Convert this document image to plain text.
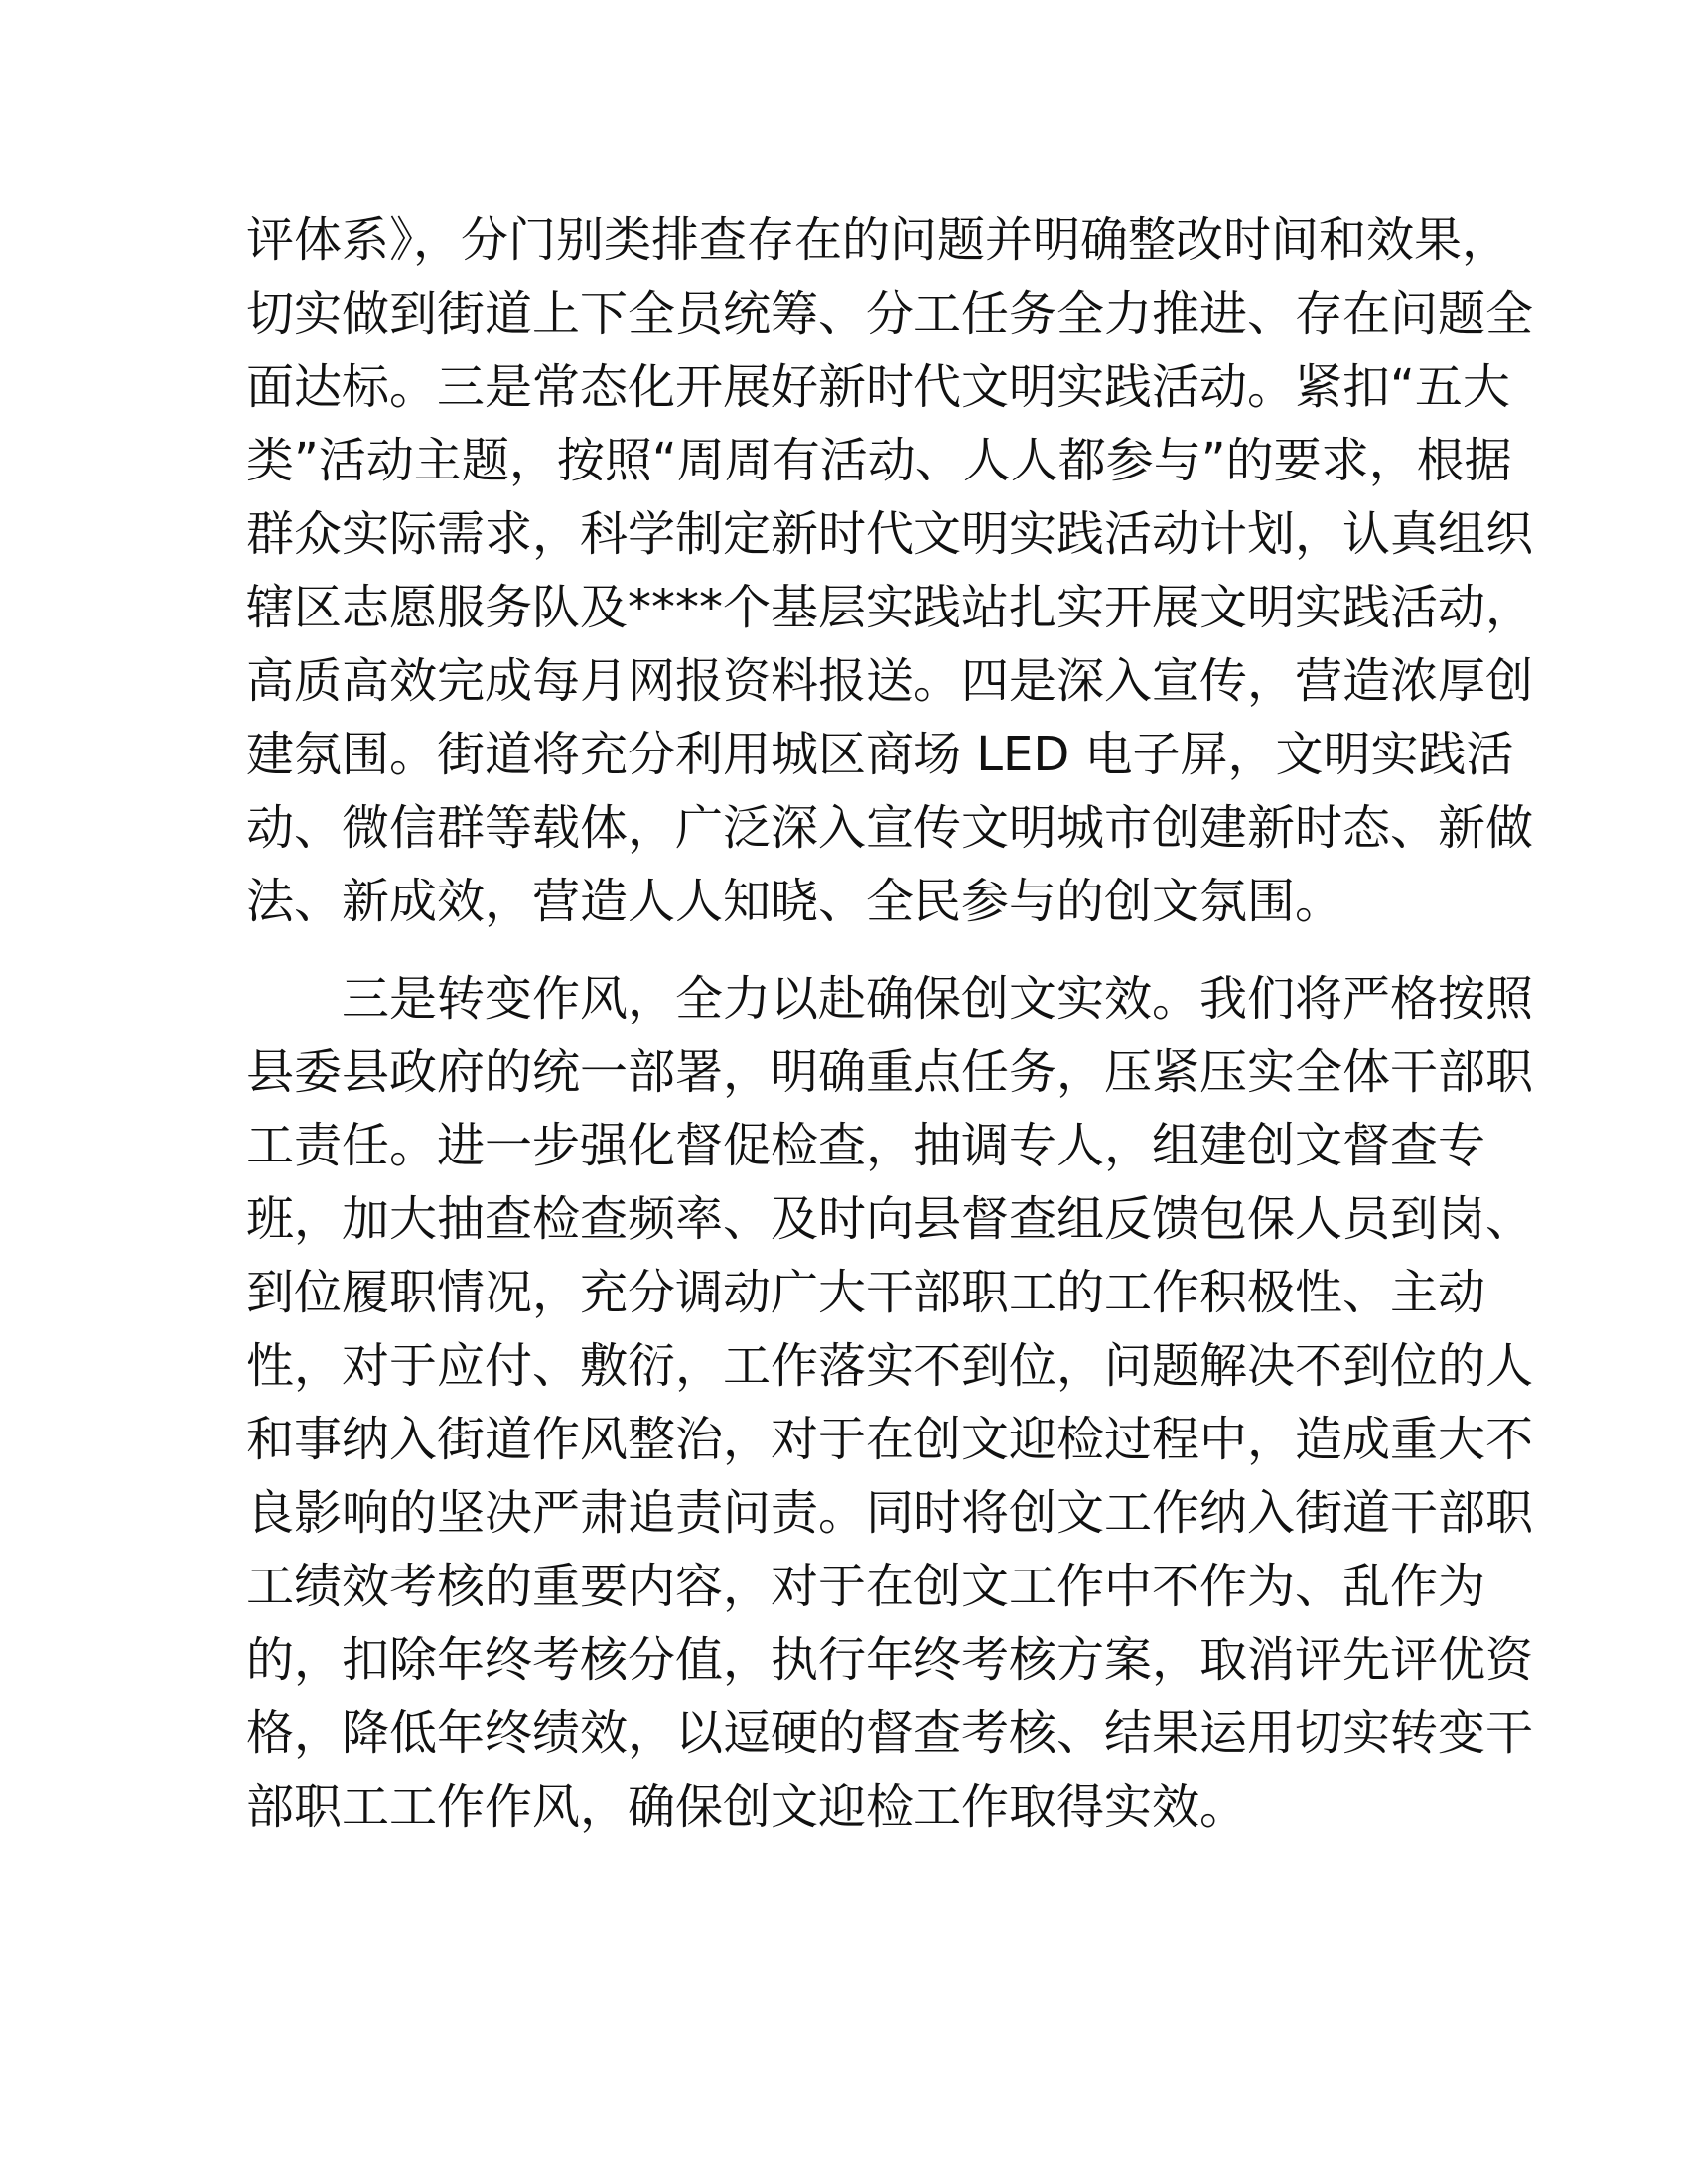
评体系》，分门别类排查存在的问题并明确整改时间和效果，
切实做到街道上下全员统筹、分工任务全力推进、存在问题全
面达标。三是常态化开展好新时代文明实践活动。紧扣“五大
类”活动主题，按照“周周有活动、人人都参与”的要求，根据
群众实际需求，科学制定新时代文明实践活动计划，认真组织
辖区志愿服务队及****个基层实践站扎实开展文明实践活动，
高质高效完成每月网报资料报送。四是深入宣传，营造浓厚创
建氛围。街道将充分利用城区商场 LED 电子屏，文明实践活
动、微信群等载体，广泛深入宣传文明城市创建新时态、新做
法、新成效，营造人人知晓、全民参与的创文氛围。
三是转变作风，全力以赴确保创文实效。我们将严格按照
县委县政府的统一部署，明确重点任务，压紧压实全体干部职
工责任。进一步强化督促检查，抽调专人，组建创文督查专
班，加大抽查检查频率、及时向县督查组反馈包保人员到岗、
到位履职情况，充分调动广大干部职工的工作积极性、主动
性，对于应付、敷衍，工作落实不到位，问题解决不到位的人
和事纳入街道作风整治，对于在创文迎检过程中，造成重大不
良影响的坚决严肃追责问责。同时将创文工作纳入街道干部职
工绩效考核的重要内容，对于在创文工作中不作为、乱作为
的，扣除年终考核分值，执行年终考核方案，取消评先评优资
格，降低年终绩效，以逗硬的督查考核、结果运用切实转变干
部职工工作作风，确保创文迎检工作取得实效。
